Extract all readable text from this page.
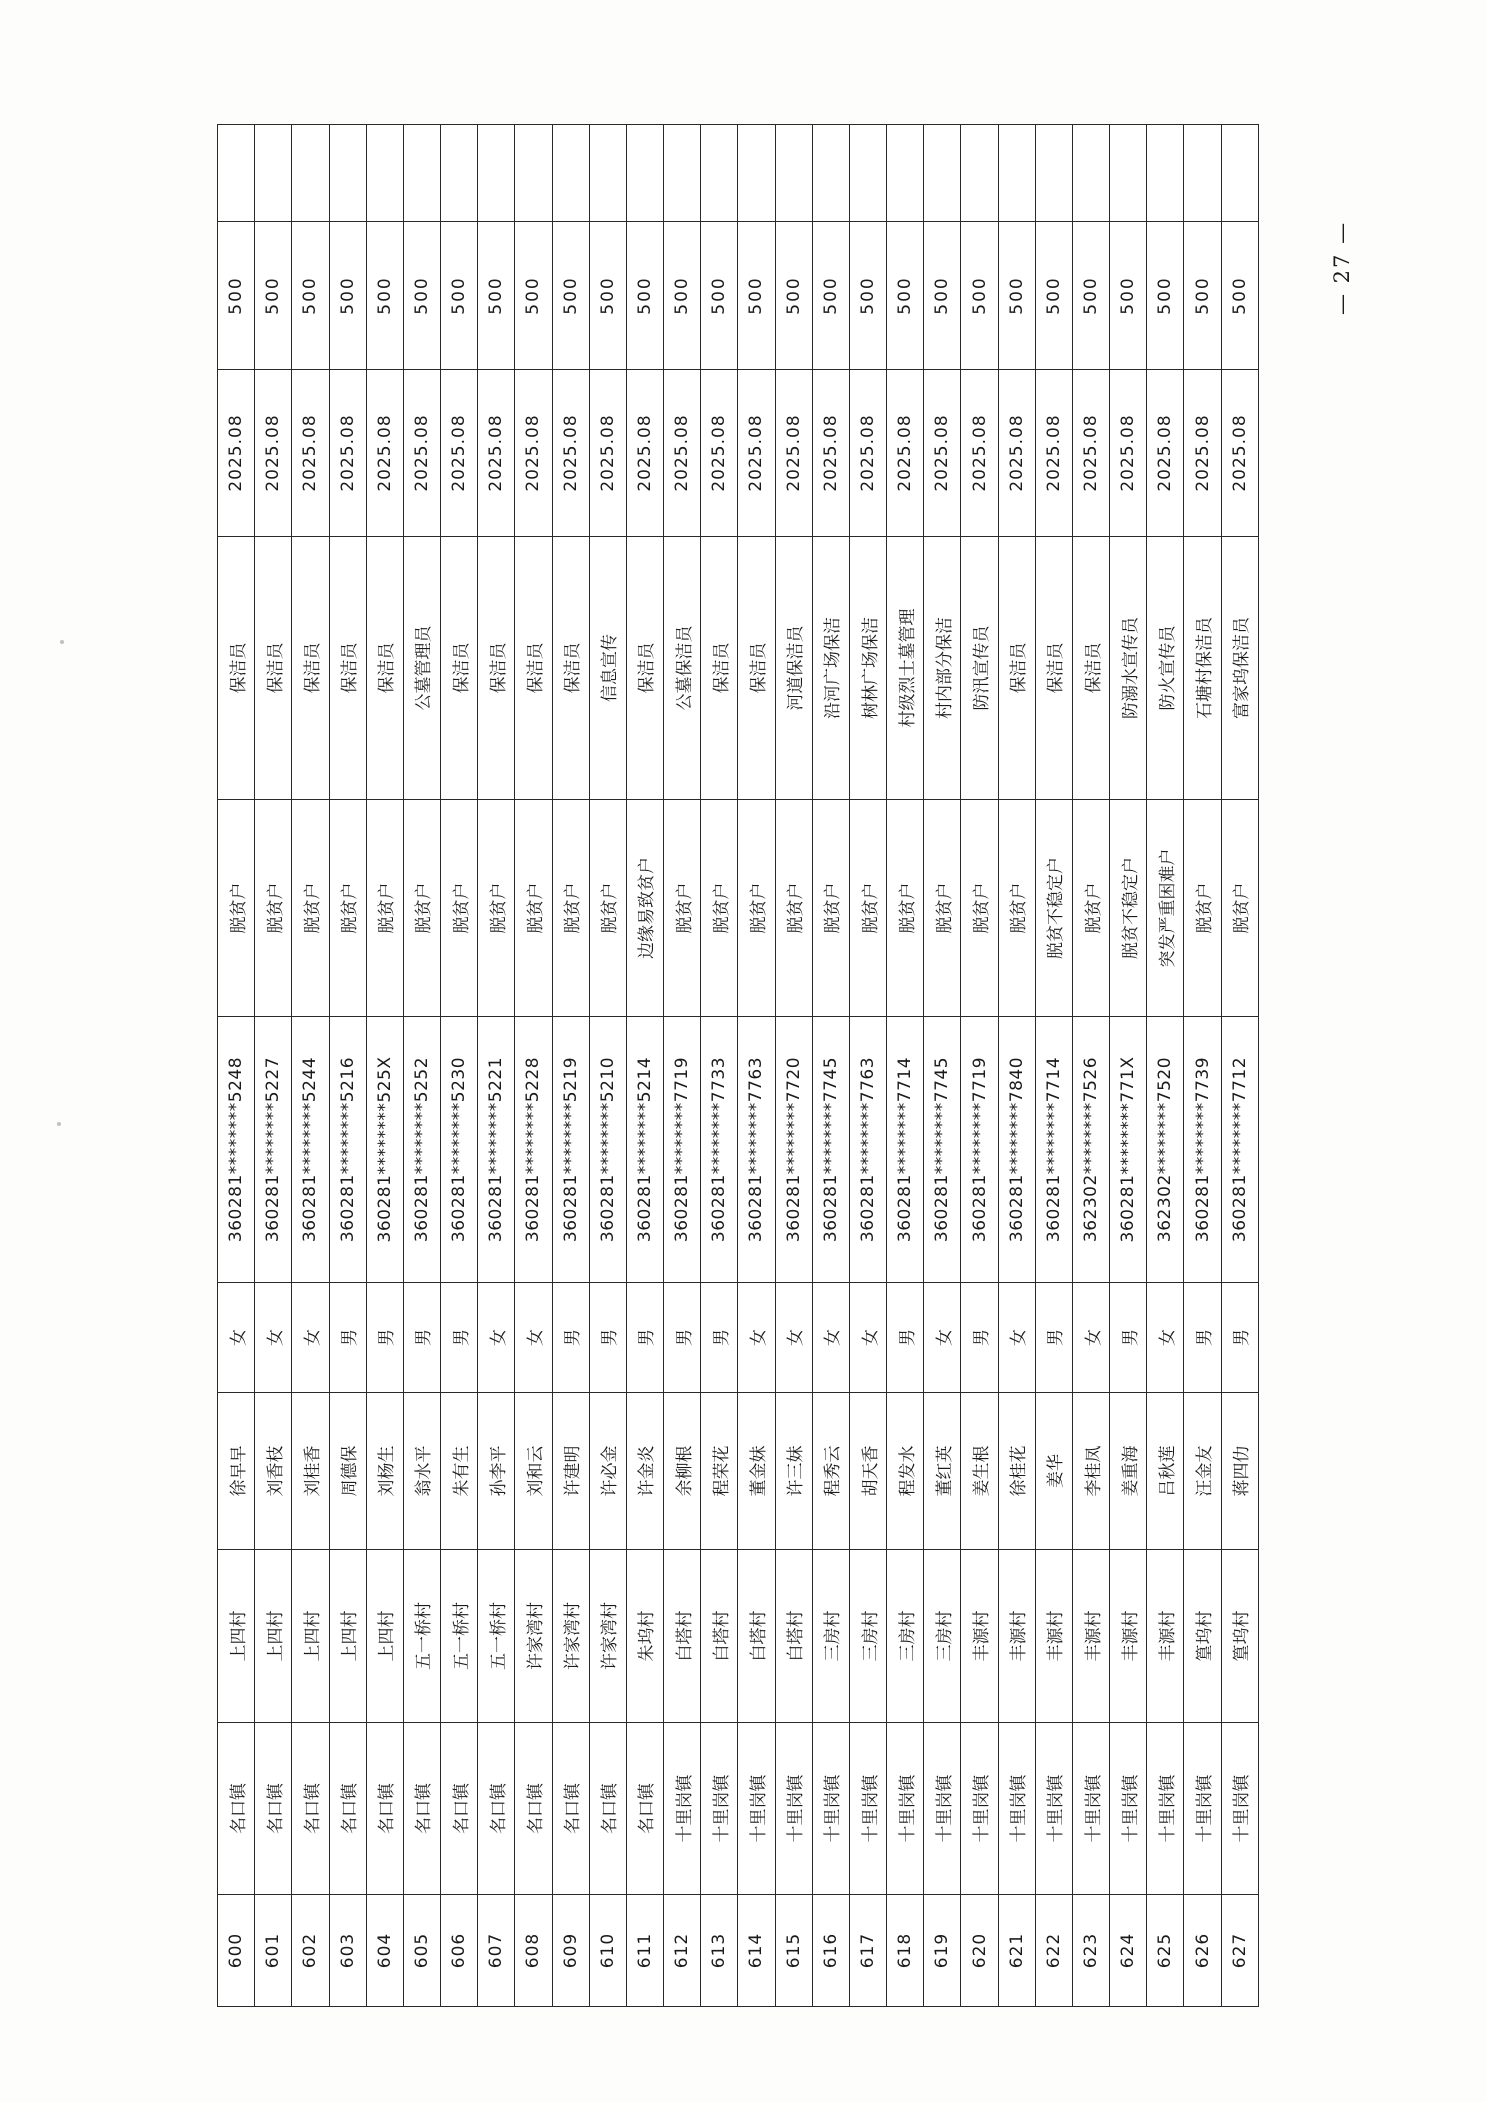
600	名口镇	上四村	徐早早	女	360281********5248	脱贫户	保洁员	2025.08	500	
601	名口镇	上四村	刘香枝	女	360281********5227	脱贫户	保洁员	2025.08	500	
602	名口镇	上四村	刘桂香	女	360281********5244	脱贫户	保洁员	2025.08	500	
603	名口镇	上四村	周德保	男	360281********5216	脱贫户	保洁员	2025.08	500	
604	名口镇	上四村	刘杨生	男	360281********525X	脱贫户	保洁员	2025.08	500	
605	名口镇	五一桥村	翁水平	男	360281********5252	脱贫户	公墓管理员	2025.08	500	
606	名口镇	五一桥村	朱有生	男	360281********5230	脱贫户	保洁员	2025.08	500	
607	名口镇	五一桥村	孙李平	女	360281********5221	脱贫户	保洁员	2025.08	500	
608	名口镇	许家湾村	刘和云	女	360281********5228	脱贫户	保洁员	2025.08	500	
609	名口镇	许家湾村	许建明	男	360281********5219	脱贫户	保洁员	2025.08	500	
610	名口镇	许家湾村	许必金	男	360281********5210	脱贫户	信息宣传	2025.08	500	
611	名口镇	朱坞村	许金炎	男	360281********5214	边缘易致贫户	保洁员	2025.08	500	
612	十里岗镇	白塔村	余柳根	男	360281********7719	脱贫户	公墓保洁员	2025.08	500	
613	十里岗镇	白塔村	程荣花	男	360281********7733	脱贫户	保洁员	2025.08	500	
614	十里岗镇	白塔村	董金妹	女	360281********7763	脱贫户	保洁员	2025.08	500	
615	十里岗镇	白塔村	许三妹	女	360281********7720	脱贫户	河道保洁员	2025.08	500	
616	十里岗镇	三房村	程秀云	女	360281********7745	脱贫户	沿河广场保洁	2025.08	500	
617	十里岗镇	三房村	胡天香	女	360281********7763	脱贫户	树林广场保洁	2025.08	500	
618	十里岗镇	三房村	程发水	男	360281********7714	脱贫户	村级烈士墓管理	2025.08	500	
619	十里岗镇	三房村	董红英	女	360281********7745	脱贫户	村内部分保洁	2025.08	500	
620	十里岗镇	丰源村	姜生根	男	360281********7719	脱贫户	防汛宣传员	2025.08	500	
621	十里岗镇	丰源村	徐桂花	女	360281********7840	脱贫户	保洁员	2025.08	500	
622	十里岗镇	丰源村	姜华	男	360281********7714	脱贫不稳定户	保洁员	2025.08	500	
623	十里岗镇	丰源村	李桂凤	女	362302********7526	脱贫户	保洁员	2025.08	500	
624	十里岗镇	丰源村	姜重海	男	360281********771X	脱贫不稳定户	防溺水宣传员	2025.08	500	
625	十里岗镇	丰源村	吕秋莲	女	362302********7520	突发严重困难户	防火宣传员	2025.08	500	
626	十里岗镇	篁坞村	汪金友	男	360281********7739	脱贫户	石塘村保洁员	2025.08	500	
627	十里岗镇	篁坞村	蒋四仂	男	360281********7712	脱贫户	富家坞保洁员	2025.08	500		— 27 —
